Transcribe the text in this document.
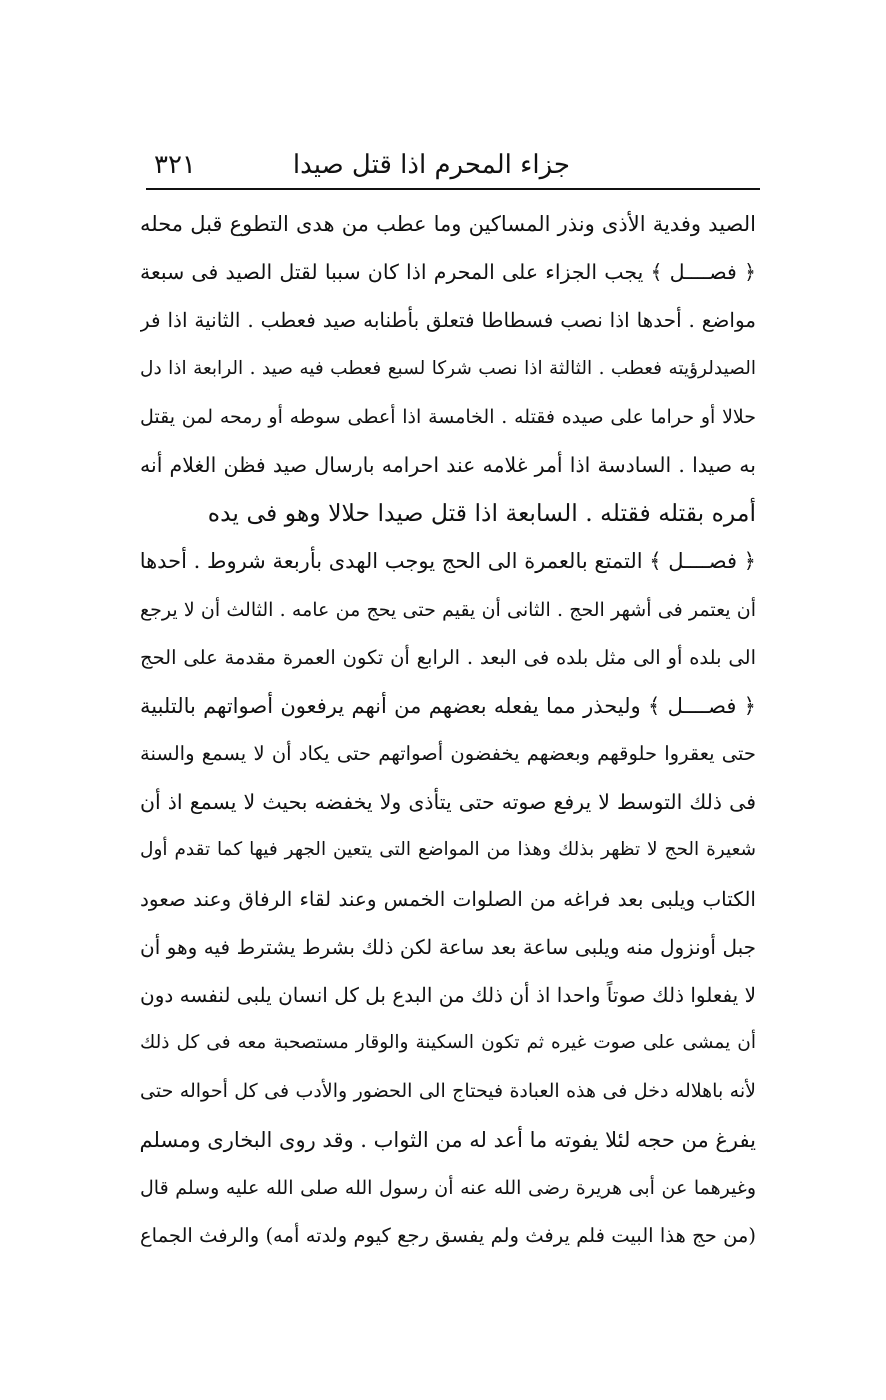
جزاء المحرم اذا قتل صيدا
٣٢١
الصيد وفدية الأذى ونذر المساكين وما عطب من هدى التطوع قبل محله
﴿ فصــــل ﴾ يجب الجزاء على المحرم اذا كان سببا لقتل الصيد فى سبعة
مواضع . أحدها اذا نصب فسطاطا فتعلق بأطنابه صيد فعطب . الثانية اذا فر
الصيدلرؤيته فعطب . الثالثة اذا نصب شركا لسبع فعطب فيه صيد . الرابعة اذا دل
حلالا أو حراما على صيده فقتله . الخامسة اذا أعطى سوطه أو رمحه لمن يقتل
به صيدا . السادسة اذا أمر غلامه عند احرامه بارسال صيد فظن الغلام أنه
أمره بقتله فقتله . السابعة اذا قتل صيدا حلالا وهو فى يده
﴿ فصــــل ﴾ التمتع بالعمرة الى الحج يوجب الهدى بأربعة شروط . أحدها
أن يعتمر فى أشهر الحج . الثانى أن يقيم حتى يحج من عامه . الثالث أن لا يرجع
الى بلده أو الى مثل بلده فى البعد . الرابع أن تكون العمرة مقدمة على الحج
﴿ فصــــل ﴾ وليحذر مما يفعله بعضهم من أنهم يرفعون أصواتهم بالتلبية
حتى يعقروا حلوقهم وبعضهم يخفضون أصواتهم حتى يكاد أن لا يسمع والسنة
فى ذلك التوسط لا يرفع صوته حتى يتأذى ولا يخفضه بحيث لا يسمع اذ أن
شعيرة الحج لا تظهر بذلك وهذا من المواضع التى يتعين الجهر فيها كما تقدم أول
الكتاب ويلبى بعد فراغه من الصلوات الخمس وعند لقاء الرفاق وعند صعود
جبل أونزول منه ويلبى ساعة بعد ساعة لكن ذلك بشرط يشترط فيه وهو أن
لا يفعلوا ذلك صوتاً واحدا اذ أن ذلك من البدع بل كل انسان يلبى لنفسه دون
أن يمشى على صوت غيره ثم تكون السكينة والوقار مستصحبة معه فى كل ذلك
لأنه باهلاله دخل فى هذه العبادة فيحتاج الى الحضور والأدب فى كل أحواله حتى
يفرغ من حجه لئلا يفوته ما أعد له من الثواب . وقد روى البخارى ومسلم
وغيرهما عن أبى هريرة رضى الله عنه أن رسول الله صلى الله عليه وسلم قال
(من حج هذا البيت فلم يرفث ولم يفسق رجع كيوم ولدته أمه) والرفث الجماع
